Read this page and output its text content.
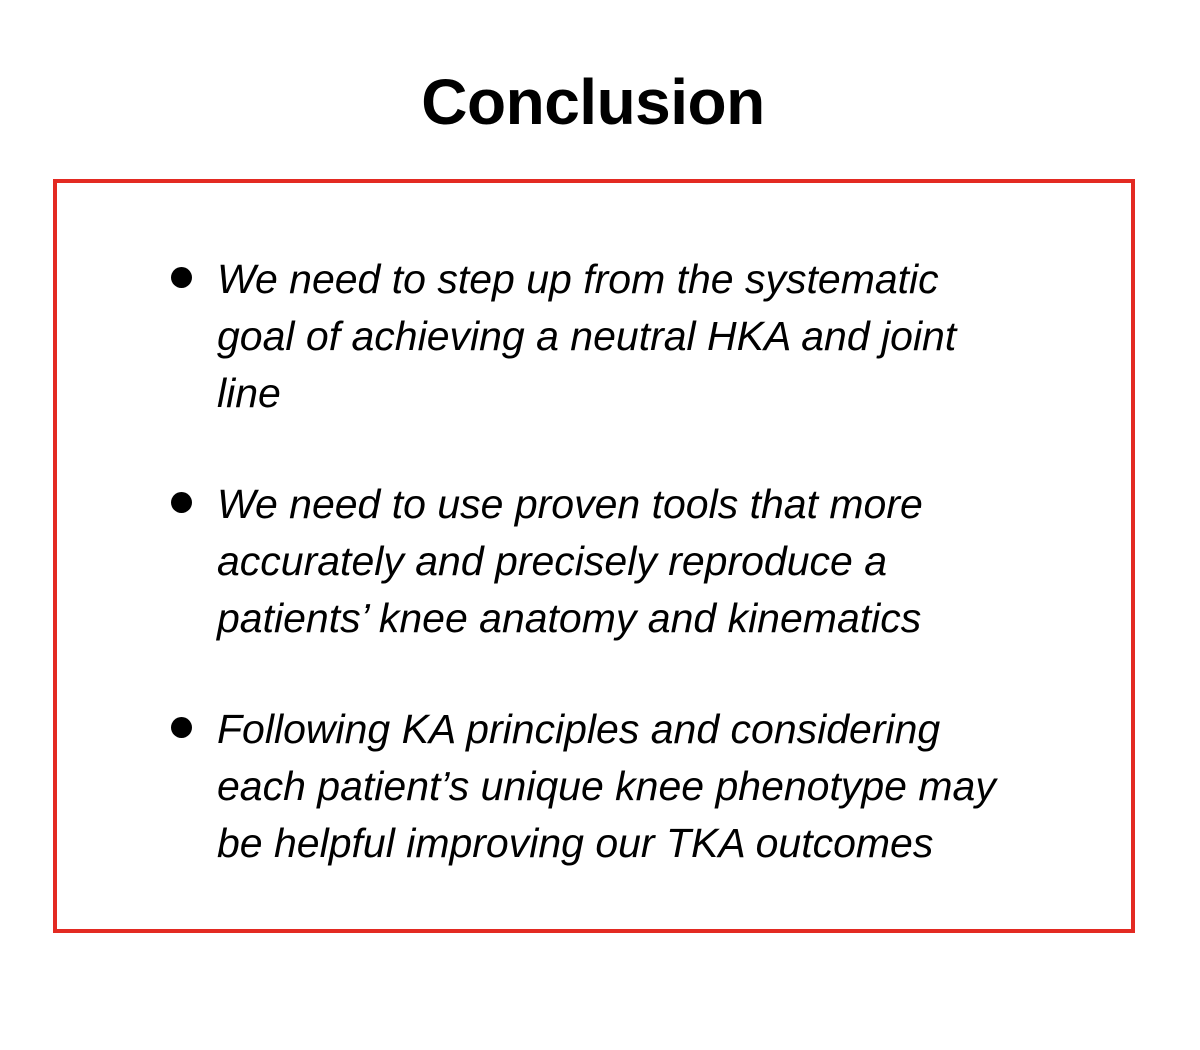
Conclusion

We need to step up from the systematic
goal of achieving a neutral HKA and joint
line

We need to use proven tools that more
accurately and precisely reproduce a
patients’ knee anatomy and kinematics

Following KA principles and considering
each patient’s unique knee phenotype may
be helpful improving our TKA outcomes
